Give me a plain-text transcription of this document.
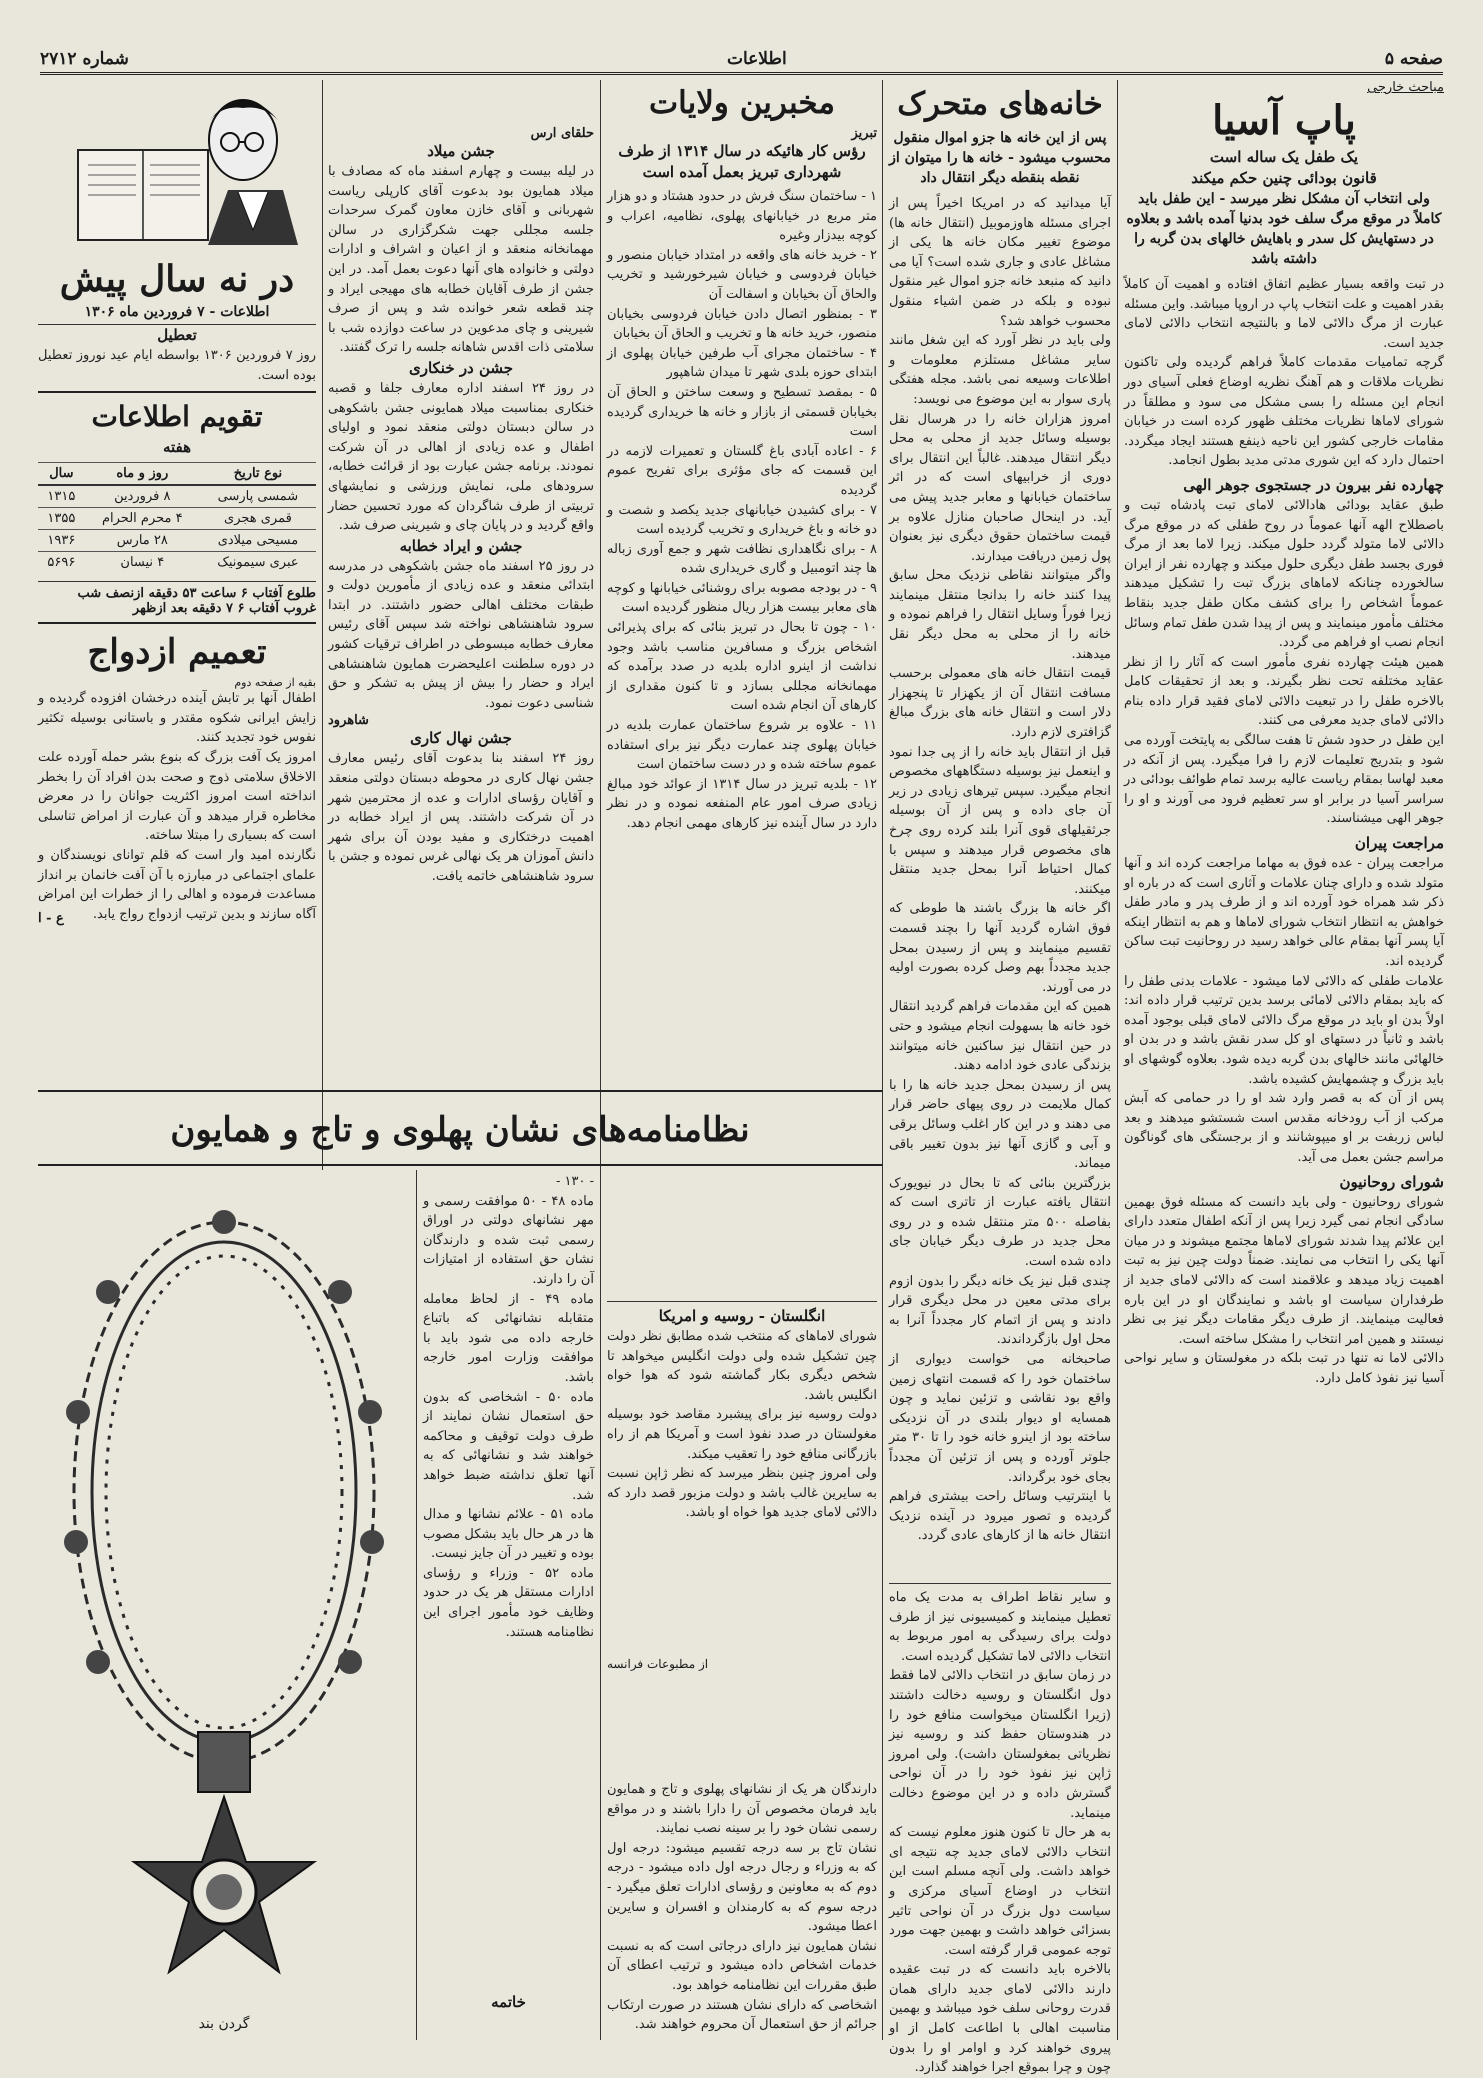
صفحه ۵
اطلاعات
شماره ۲۷۱۲
مباحث خارجی
پاپ آسیا
یک طفل یک ساله است
قانون بودائی چنین حکم میکند
ولی انتخاب آن مشکل نظر میرسد - این طفل باید کاملاً در موقع مرگ سلف خود بدنیا آمده باشد و بعلاوه در دستهایش کل سدر و باهایش خالهای بدن گربه را داشته باشد
در تبت واقعه بسیار عظیم اتفاق افتاده و اهمیت آن کاملاً بقدر اهمیت و علت انتخاب پاپ در اروپا میباشد. واین مسئله عبارت از مرگ دالائی لاما و بالنتیجه انتخاب دالائی لامای جدید است.
گرچه تمامیات مقدمات کاملاً فراهم گردیده ولی تاکنون نظریات ملاقات و هم آهنگ نظریه اوضاع فعلی آسیای دور انجام این مسئله را بسی مشکل می سود و مطلقاً در شورای لاماها نظریات مختلف ظهور کرده است در خیابان مقامات خارجی کشور این ناحیه ذینفع هستند ایجاد میگردد. احتمال دارد که این شوری مدتی مدید بطول انجامد.
چهارده نفر بیرون در جستجوی جوهر الهی
طبق عقاید بودائی هادالائی لامای تبت پادشاه تبت و باصطلاح الهه آنها عموماً در روح طفلی که در موقع مرگ دالائی لاما متولد گردد حلول میکند. زیرا لاما بعد از مرگ فوری بجسد طفل دیگری حلول میکند و چهارده نفر از ایران سالخورده چنانکه لاماهای بزرگ تبت را تشکیل میدهند عموماً اشخاص را برای کشف مکان طفل جدید بنقاط مختلف مأمور مینمایند و پس از پیدا شدن طفل تمام وسائل انجام نصب او فراهم می گردد.
همین هیئت چهارده نفری مأمور است که آثار را از نظر عقاید مختلفه تحت نظر بگیرند. و بعد از تحقیقات کامل بالاخره طفل را در تبعیت دالائی لامای فقید قرار داده بنام دالائی لامای جدید معرفی می کنند.
این طفل در حدود شش تا هفت سالگی به پایتخت آورده می شود و بتدریج تعلیمات لازم را فرا میگیرد. پس از آنکه در معبد لهاسا بمقام ریاست عالیه برسد تمام طوائف بودائی در سراسر آسیا در برابر او سر تعظیم فرود می آورند و او را جوهر الهی میشناسند.
مراجعت پیران
مراجعت پیران - عده فوق به مهاما مراجعت کرده اند و آنها متولد شده و دارای چنان علامات و آثاری است که در باره او ذکر شد همراه خود آورده اند و از طرف پدر و مادر طفل خواهش به انتظار انتخاب شورای لاماها و هم به انتظار اینکه آیا پسر آنها بمقام عالی خواهد رسید در روحانیت تبت ساکن گردیده اند.
علامات طفلی که دالائی لاما میشود - علامات بدنی طفل را که باید بمقام دالائی لامائی برسد بدین ترتیب قرار داده اند: اولاً بدن او باید در موقع مرگ دالائی لامای قبلی بوجود آمده باشد و ثانیاً در دستهای او کل سدر نقش باشد و در بدن او خالهائی مانند خالهای بدن گربه دیده شود. بعلاوه گوشهای او باید بزرگ و چشمهایش کشیده باشد.
پس از آن که به قصر وارد شد او را در حمامی که آبش مرکب از آب رودخانه مقدس است شستشو میدهند و بعد لباس زربفت بر او میپوشانند و از برجستگی های گوناگون مراسم جشن بعمل می آید.
شورای روحانیون
شورای روحانیون - ولی باید دانست که مسئله فوق بهمین سادگی انجام نمی گیرد زیرا پس از آنکه اطفال متعدد دارای این علائم پیدا شدند شورای لاماها مجتمع میشوند و در میان آنها یکی را انتخاب می نمایند. ضمناً دولت چین نیز به تبت اهمیت زیاد میدهد و علاقمند است که دالائی لامای جدید از طرفداران سیاست او باشد و نمایندگان او در این باره فعالیت مینمایند. از طرف دیگر مقامات دیگر نیز بی نظر نیستند و همین امر انتخاب را مشکل ساخته است.
دالائی لاما نه تنها در تبت بلکه در مغولستان و سایر نواحی آسیا نیز نفوذ کامل دارد.
خانه‌های متحرک
پس از این خانه ها جزو اموال منقول محسوب میشود - خانه ها را میتوان از نقطه بنقطه دیگر انتقال داد
آیا میدانید که در امریکا اخیراً پس از اجرای مسئله هاوزموبیل (انتقال خانه ها) موضوع تغییر مکان خانه ها یکی از مشاغل عادی و جاری شده است؟ آیا می دانید که منبعد خانه جزو اموال غیر منقول نبوده و بلکه در ضمن اشیاء منقول محسوب خواهد شد؟
ولی باید در نظر آورد که این شغل مانند سایر مشاغل مستلزم معلومات و اطلاعات وسیعه نمی باشد. مجله هفتگی پاری سوار به این موضوع می نویسد:
امروز هزاران خانه را در هرسال نقل بوسیله وسائل جدید از محلی به محل دیگر انتقال میدهند. غالباً این انتقال برای دوری از خرابیهای است که در اثر ساختمان خیابانها و معابر جدید پیش می آید. در اینحال صاحبان منازل علاوه بر قیمت ساختمان حقوق دیگری نیز بعنوان پول زمین دریافت میدارند.
واگر میتوانند نقاطی نزدیک محل سابق پیدا کنند خانه را بدانجا منتقل مینمایند زیرا فوراً وسایل انتقال را فراهم نموده و خانه را از محلی به محل دیگر نقل میدهند.
قیمت انتقال خانه های معمولی برحسب مسافت انتقال آن از یکهزار تا پنجهزار دلار است و انتقال خانه های بزرگ مبالغ گزافتری لازم دارد.
قبل از انتقال باید خانه را از پی جدا نمود و اینعمل نیز بوسیله دستگاههای مخصوص انجام میگیرد. سپس تیرهای زیادی در زیر آن جای داده و پس از آن بوسیله جرثقیلهای قوی آنرا بلند کرده روی چرخ های مخصوص قرار میدهند و سپس با کمال احتیاط آنرا بمحل جدید منتقل میکنند.
اگر خانه ها بزرگ باشند ها طوطی که فوق اشاره گردید آنها را بچند قسمت تقسیم مینمایند و پس از رسیدن بمحل جدید مجدداً بهم وصل کرده بصورت اولیه در می آورند.
همین که این مقدمات فراهم گردید انتقال خود خانه ها بسهولت انجام میشود و حتی در حین انتقال نیز ساکنین خانه میتوانند بزندگی عادی خود ادامه دهند.
پس از رسیدن بمحل جدید خانه ها را با کمال ملایمت در روی پیهای حاضر قرار می دهند و در این کار اغلب وسائل برقی و آبی و گازی آنها نیز بدون تغییر باقی میماند.
بزرگترین بنائی که تا بحال در نیویورک انتقال یافته عبارت از تاتری است که بفاصله ۵۰۰ متر منتقل شده و در روی محل جدید در طرف دیگر خیابان جای داده شده است.
چندی قبل نیز یک خانه دیگر را بدون ازوم برای مدتی معین در محل دیگری قرار دادند و پس از اتمام کار مجدداً آنرا به محل اول بازگرداندند.
صاحبخانه می خواست دیواری از ساختمان خود را که قسمت انتهای زمین واقع بود نقاشی و تزئین نماید و چون همسایه او دیوار بلندی در آن نزدیکی ساخته بود از اینرو خانه خود را تا ۳۰ متر جلوتر آورده و پس از تزئین آن مجدداً بجای خود برگرداند.
با اینترتیب وسائل راحت بیشتری فراهم گردیده و تصور میرود در آینده نزدیک انتقال خانه ها از کارهای عادی گردد.
و سایر نقاط اطراف به مدت یک ماه تعطیل مینمایند و کمیسیونی نیز از طرف دولت برای رسیدگی به امور مربوط به انتخاب دالائی لاما تشکیل گردیده است.
در زمان سابق در انتخاب دالائی لاما فقط دول انگلستان و روسیه دخالت داشتند (زیرا انگلستان میخواست منافع خود را در هندوستان حفظ کند و روسیه نیز نظریاتی بمغولستان داشت). ولی امروز ژاپن نیز نفوذ خود را در آن نواحی گسترش داده و در این موضوع دخالت مینماید.
به هر حال تا کنون هنوز معلوم نیست که انتخاب دالائی لامای جدید چه نتیجه ای خواهد داشت. ولی آنچه مسلم است این انتخاب در اوضاع آسیای مرکزی و سیاست دول بزرگ در آن نواحی تاثیر بسزائی خواهد داشت و بهمین جهت مورد توجه عمومی قرار گرفته است.
بالاخره باید دانست که در تبت عقیده دارند دالائی لامای جدید دارای همان قدرت روحانی سلف خود میباشد و بهمین مناسبت اهالی با اطاعت کامل از او پیروی خواهند کرد و اوامر او را بدون چون و چرا بموقع اجرا خواهند گذارد.
مخبرین ولایات
تبریز
رؤس کار هائیکه در سال ۱۳۱۴ از طرف شهرداری تبریز بعمل آمده است
۱ - ساختمان سنگ فرش در حدود هشتاد و دو هزار متر مربع در خیابانهای پهلوی، نظامیه، اعراب و کوچه بیدزار وغیره
۲ - خرید خانه های واقعه در امتداد خیابان منصور و خیابان فردوسی و خیابان شیرخورشید و تخریب والحاق آن بخیابان و اسفالت آن
۳ - بمنظور اتصال دادن خیابان فردوسی بخیابان منصور، خرید خانه ها و تخریب و الحاق آن بخیابان
۴ - ساختمان مجرای آب طرفین خیابان پهلوی از ابتدای حوزه بلدی شهر تا میدان شاهپور
۵ - بمقصد تسطیح و وسعت ساختن و الحاق آن بخیابان قسمتی از بازار و خانه ها خریداری گردیده است
۶ - اعاده آبادی باغ گلستان و تعمیرات لازمه در این قسمت که جای مؤثری برای تفریح عموم گردیده
۷ - برای کشیدن خیابانهای جدید یکصد و شصت و دو خانه و باغ خریداری و تخریب گردیده است
۸ - برای نگاهداری نظافت شهر و جمع آوری زباله ها چند اتومبیل و گاری خریداری شده
۹ - در بودجه مصوبه برای روشنائی خیابانها و کوچه های معابر بیست هزار ریال منظور گردیده است
۱۰ - چون تا بحال در تبریز بنائی که برای پذیرائی اشخاص بزرگ و مسافرین مناسب باشد وجود نداشت از اینرو اداره بلدیه در صدد برآمده که مهمانخانه مجللی بسازد و تا کنون مقداری از کارهای آن انجام شده است
۱۱ - علاوه بر شروع ساختمان عمارت بلدیه در خیابان پهلوی چند عمارت دیگر نیز برای استفاده عموم ساخته شده و در دست ساختمان است
۱۲ - بلدیه تبریز در سال ۱۳۱۴ از عوائد خود مبالغ زیادی صرف امور عام المنفعه نموده و در نظر دارد در سال آینده نیز کارهای مهمی انجام دهد.
انگلستان - روسیه و امریکا
شورای لاماهای که منتخب شده مطابق نظر دولت چین تشکیل شده ولی دولت انگلیس میخواهد تا شخص دیگری بکار گماشته شود که هوا خواه انگلیس باشد.
دولت روسیه نیز برای پیشبرد مقاصد خود بوسیله مغولستان در صدد نفوذ است و آمریکا هم از راه بازرگانی منافع خود را تعقیب میکند.
ولی امروز چنین بنظر میرسد که نظر ژاپن نسبت به سایرین غالب باشد و دولت مزبور قصد دارد که دالائی لامای جدید هوا خواه او باشد.
از مطبوعات فرانسه
حلقای ارس
جشن میلاد
در لیله بیست و چهارم اسفند ماه که مصادف با میلاد همایون بود بدعوت آقای کارپلی ریاست شهربانی و آقای خازن معاون گمرک سرحدات جلسه مجللی جهت شکرگزاری در سالن مهمانخانه منعقد و از اعیان و اشراف و ادارات دولتی و خانواده های آنها دعوت بعمل آمد. در این جشن از طرف آقایان خطابه های مهیجی ایراد و چند قطعه شعر خوانده شد و پس از صرف شیرینی و چای مدعوین در ساعت دوازده شب با سلامتی ذات اقدس شاهانه جلسه را ترک گفتند.
جشن در خنکاری
در روز ۲۴ اسفند اداره معارف جلفا و قصبه خنکاری بمناسبت میلاد همایونی جشن باشکوهی در سالن دبستان دولتی منعقد نمود و اولیای اطفال و عده زیادی از اهالی در آن شرکت نمودند. برنامه جشن عبارت بود از قرائت خطابه، سرودهای ملی، نمایش ورزشی و نمایشهای تربیتی از طرف شاگردان که مورد تحسین حضار واقع گردید و در پایان چای و شیرینی صرف شد.
جشن و ایراد خطابه
در روز ۲۵ اسفند ماه جشن باشکوهی در مدرسه ابتدائی منعقد و عده زیادی از مأمورین دولت و طبقات مختلف اهالی حضور داشتند. در ابتدا سرود شاهنشاهی نواخته شد سپس آقای رئیس معارف خطابه مبسوطی در اطراف ترقیات کشور در دوره سلطنت اعلیحضرت همایون شاهنشاهی ایراد و حضار را بیش از پیش به تشکر و حق شناسی دعوت نمود.
شاهرود
جشن نهال کاری
روز ۲۴ اسفند بنا بدعوت آقای رئیس معارف جشن نهال کاری در محوطه دبستان دولتی منعقد و آقایان رؤسای ادارات و عده از محترمین شهر در آن شرکت داشتند. پس از ایراد خطابه در اهمیت درختکاری و مفید بودن آن برای شهر دانش آموزان هر یک نهالی غرس نموده و جشن با سرود شاهنشاهی خاتمه یافت.
در نه سال پیش
اطلاعات - ۷ فروردین ماه ۱۳۰۶
تعطیل
روز ۷ فروردین ۱۳۰۶ بواسطه ایام عید نوروز تعطیل بوده است.
تقویم اطلاعات
هفته
نوع تاریخ	روز و ماه	سال
شمسی پارسی	۸ فروردین	۱۳۱۵
قمری هجری	۴ محرم الحرام	۱۳۵۵
مسیحی میلادی	۲۸ مارس	۱۹۳۶
عبری سیمونیک	۴ نیسان	۵۶۹۶
طلوع آفتاب ۶ ساعت ۵۳ دقیقه ازنصف شب
غروب آفتاب ۶ ۷ دقیقه بعد ازظهر
تعمیم ازدواج
بقیه از صفحه دوم
اطفال آنها بر تابش آینده درخشان افزوده گردیده و زایش ایرانی شکوه مقتدر و باستانی بوسیله تکثیر نفوس خود تجدید کنند.
امروز یک آفت بزرگ که بنوع بشر حمله آورده علت الاخلاق سلامتی ذوج و صحت بدن افراد آن را بخطر انداخته است امروز اکثریت جوانان را در معرض مخاطره قرار میدهد و آن عبارت از امراض تناسلی است که بسیاری را مبتلا ساخته.
نگارنده امید وار است که قلم توانای نویسندگان و علمای اجتماعی در مبارزه با آن آفت خانمان بر انداز مساعدت فرموده و اهالی را از خطرات این امراض آگاه سازند و بدین ترتیب ازدواج رواج یابد.
ع - ا
نظامنامه‌های نشان پهلوی و تاج و همایون
گردن بند
- ۱۳۰ -
ماده ۴۸ - ۵۰ موافقت رسمی و مهر نشانهای دولتی در اوراق رسمی ثبت شده و دارندگان نشان حق استفاده از امتیازات آن را دارند.
ماده ۴۹ - از لحاظ معامله متقابله نشانهائی که باتباع خارجه داده می شود باید با موافقت وزارت امور خارجه باشد.
ماده ۵۰ - اشخاصی که بدون حق استعمال نشان نمایند از طرف دولت توقیف و محاکمه خواهند شد و نشانهائی که به آنها تعلق نداشته ضبط خواهد شد.
ماده ۵۱ - علائم نشانها و مدال ها در هر حال باید بشکل مصوب بوده و تغییر در آن جایز نیست.
ماده ۵۲ - وزراء و رؤسای ادارات مستقل هر یک در حدود وظایف خود مأمور اجرای این نظامنامه هستند.
خاتمه
دارندگان هر یک از نشانهای پهلوی و تاج و همایون باید فرمان مخصوص آن را دارا باشند و در مواقع رسمی نشان خود را بر سینه نصب نمایند.
نشان تاج بر سه درجه تقسیم میشود: درجه اول که به وزراء و رجال درجه اول داده میشود - درجه دوم که به معاونین و رؤسای ادارات تعلق میگیرد - درجه سوم که به کارمندان و افسران و سایرین اعطا میشود.
نشان همایون نیز دارای درجاتی است که به نسبت خدمات اشخاص داده میشود و ترتیب اعطای آن طبق مقررات این نظامنامه خواهد بود.
اشخاصی که دارای نشان هستند در صورت ارتکاب جرائم از حق استعمال آن محروم خواهند شد.
